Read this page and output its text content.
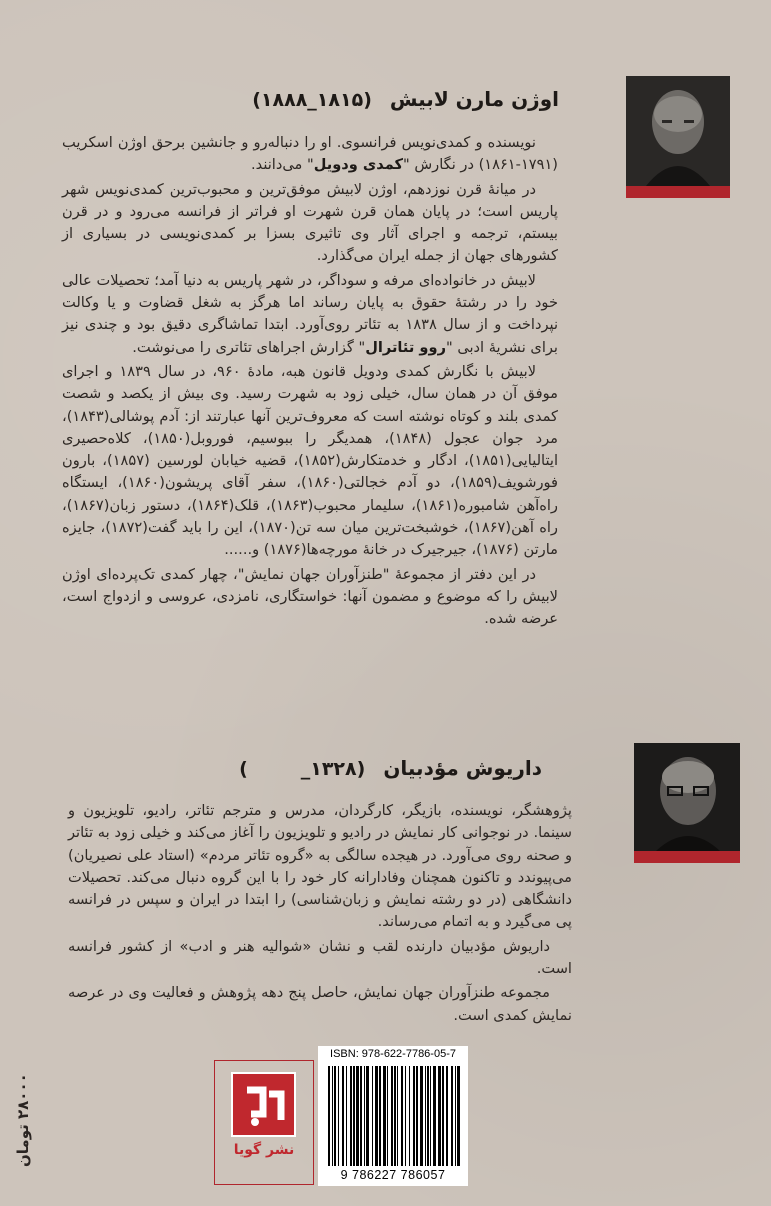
اوژن مارن لابیش(۱۸۱۵_۱۸۸۸)

نویسنده و کمدی‌نویس فرانسوی. او را دنباله‌رو و جانشین برحق اوژن اسکریب (۱۷۹۱-۱۸۶۱) در نگارش "کمدی ودویل" می‌دانند.

در میانهٔ قرن نوزدهم، اوژن لابیش موفق‌ترین و محبوب‌ترین کمدی‌نویس شهر پاریس است؛ در پایان همان قرن شهرت او فراتر از فرانسه می‌رود و در قرن بیستم، ترجمه و اجرای آثار وی تاثیری بسزا بر کمدی‌نویسی در بسیاری از کشورهای جهان از جمله ایران می‌گذارد.

لابیش در خانواده‌ای مرفه و سوداگر، در شهر پاریس به دنیا آمد؛ تحصیلات عالی خود را در رشتهٔ حقوق به پایان رساند اما هرگز به شغل قضاوت و یا وکالت نپرداخت و از سال ۱۸۳۸ به تئاتر روی‌آورد. ابتدا تماشاگری دقیق بود و چندی نیز برای نشریهٔ ادبی "روو تئاترال" گزارش اجراهای تئاتری را می‌نوشت.

لابیش با نگارش کمدی ودویل قانون هبه، مادهٔ ۹۶۰، در سال ۱۸۳۹ و اجرای موفق آن در همان سال، خیلی زود به شهرت رسید. وی بیش از یکصد و شصت کمدی بلند و کوتاه نوشته است که معروف‌ترین آنها عبارتند از: آدم پوشالی(۱۸۴۳)، مرد جوان عجول (۱۸۴۸)، همدیگر را ببوسیم، فوروبل(۱۸۵۰)، کلاه‌حصیری ایتالیایی(۱۸۵۱)، ادگار و خدمتکارش(۱۸۵۲)، قضیه خیابان لورسین (۱۸۵۷)، بارون فورشویف(۱۸۵۹)، دو آدم خجالتی(۱۸۶۰)، سفر آقای پریشون(۱۸۶۰)، ایستگاه راه‌آهن شامبوره(۱۸۶۱)، سلیمار محبوب(۱۸۶۳)، قلک(۱۸۶۴)، دستور زبان(۱۸۶۷)، راه آهن(۱۸۶۷)، خوشبخت‌ترین میان سه تن(۱۸۷۰)، این را باید گفت(۱۸۷۲)، جایزه مارتن (۱۸۷۶)، جیرجیرک در خانهٔ مورچه‌ها(۱۸۷۶) و......

در این دفتر از مجموعهٔ "طنزآوران جهان نمایش"، چهار کمدی تک‌پرده‌ای اوژن لابیش را که موضوع و مضمون آنها: خواستگاری، نامزدی، عروسی و ازدواج است، عرضه شده.

داریوش مؤدبیان(۱۳۲۸_        )

پژوهشگر، نویسنده، بازیگر، کارگردان، مدرس و مترجم تئاتر، رادیو، تلویزیون و سینما. در نوجوانی کار نمایش در رادیو و تلویزیون را آغاز می‌کند و خیلی زود به تئاتر و صحنه روی می‌آورد. در هیجده سالگی به «گروه تئاتر مردم» (استاد علی نصیریان) می‌پیوندد و تاکنون همچنان وفادارانه کار خود را با این گروه دنبال می‌کند. تحصیلات دانشگاهی (در دو رشته نمایش و زبان‌شناسی) را ابتدا در ایران و سپس در فرانسه پی می‌گیرد و به اتمام می‌رساند.

داریوش مؤدبیان دارنده لقب و نشان «شوالیه هنر و ادب» از کشور فرانسه است.

مجموعه طنزآوران جهان نمایش، حاصل پنج دهه پژوهش و فعالیت وی در عرصه نمایش کمدی است.

۲۸۰۰۰ تومان
نشر گویا
ISBN: 978-622-7786-05-7
9 786227 786057
